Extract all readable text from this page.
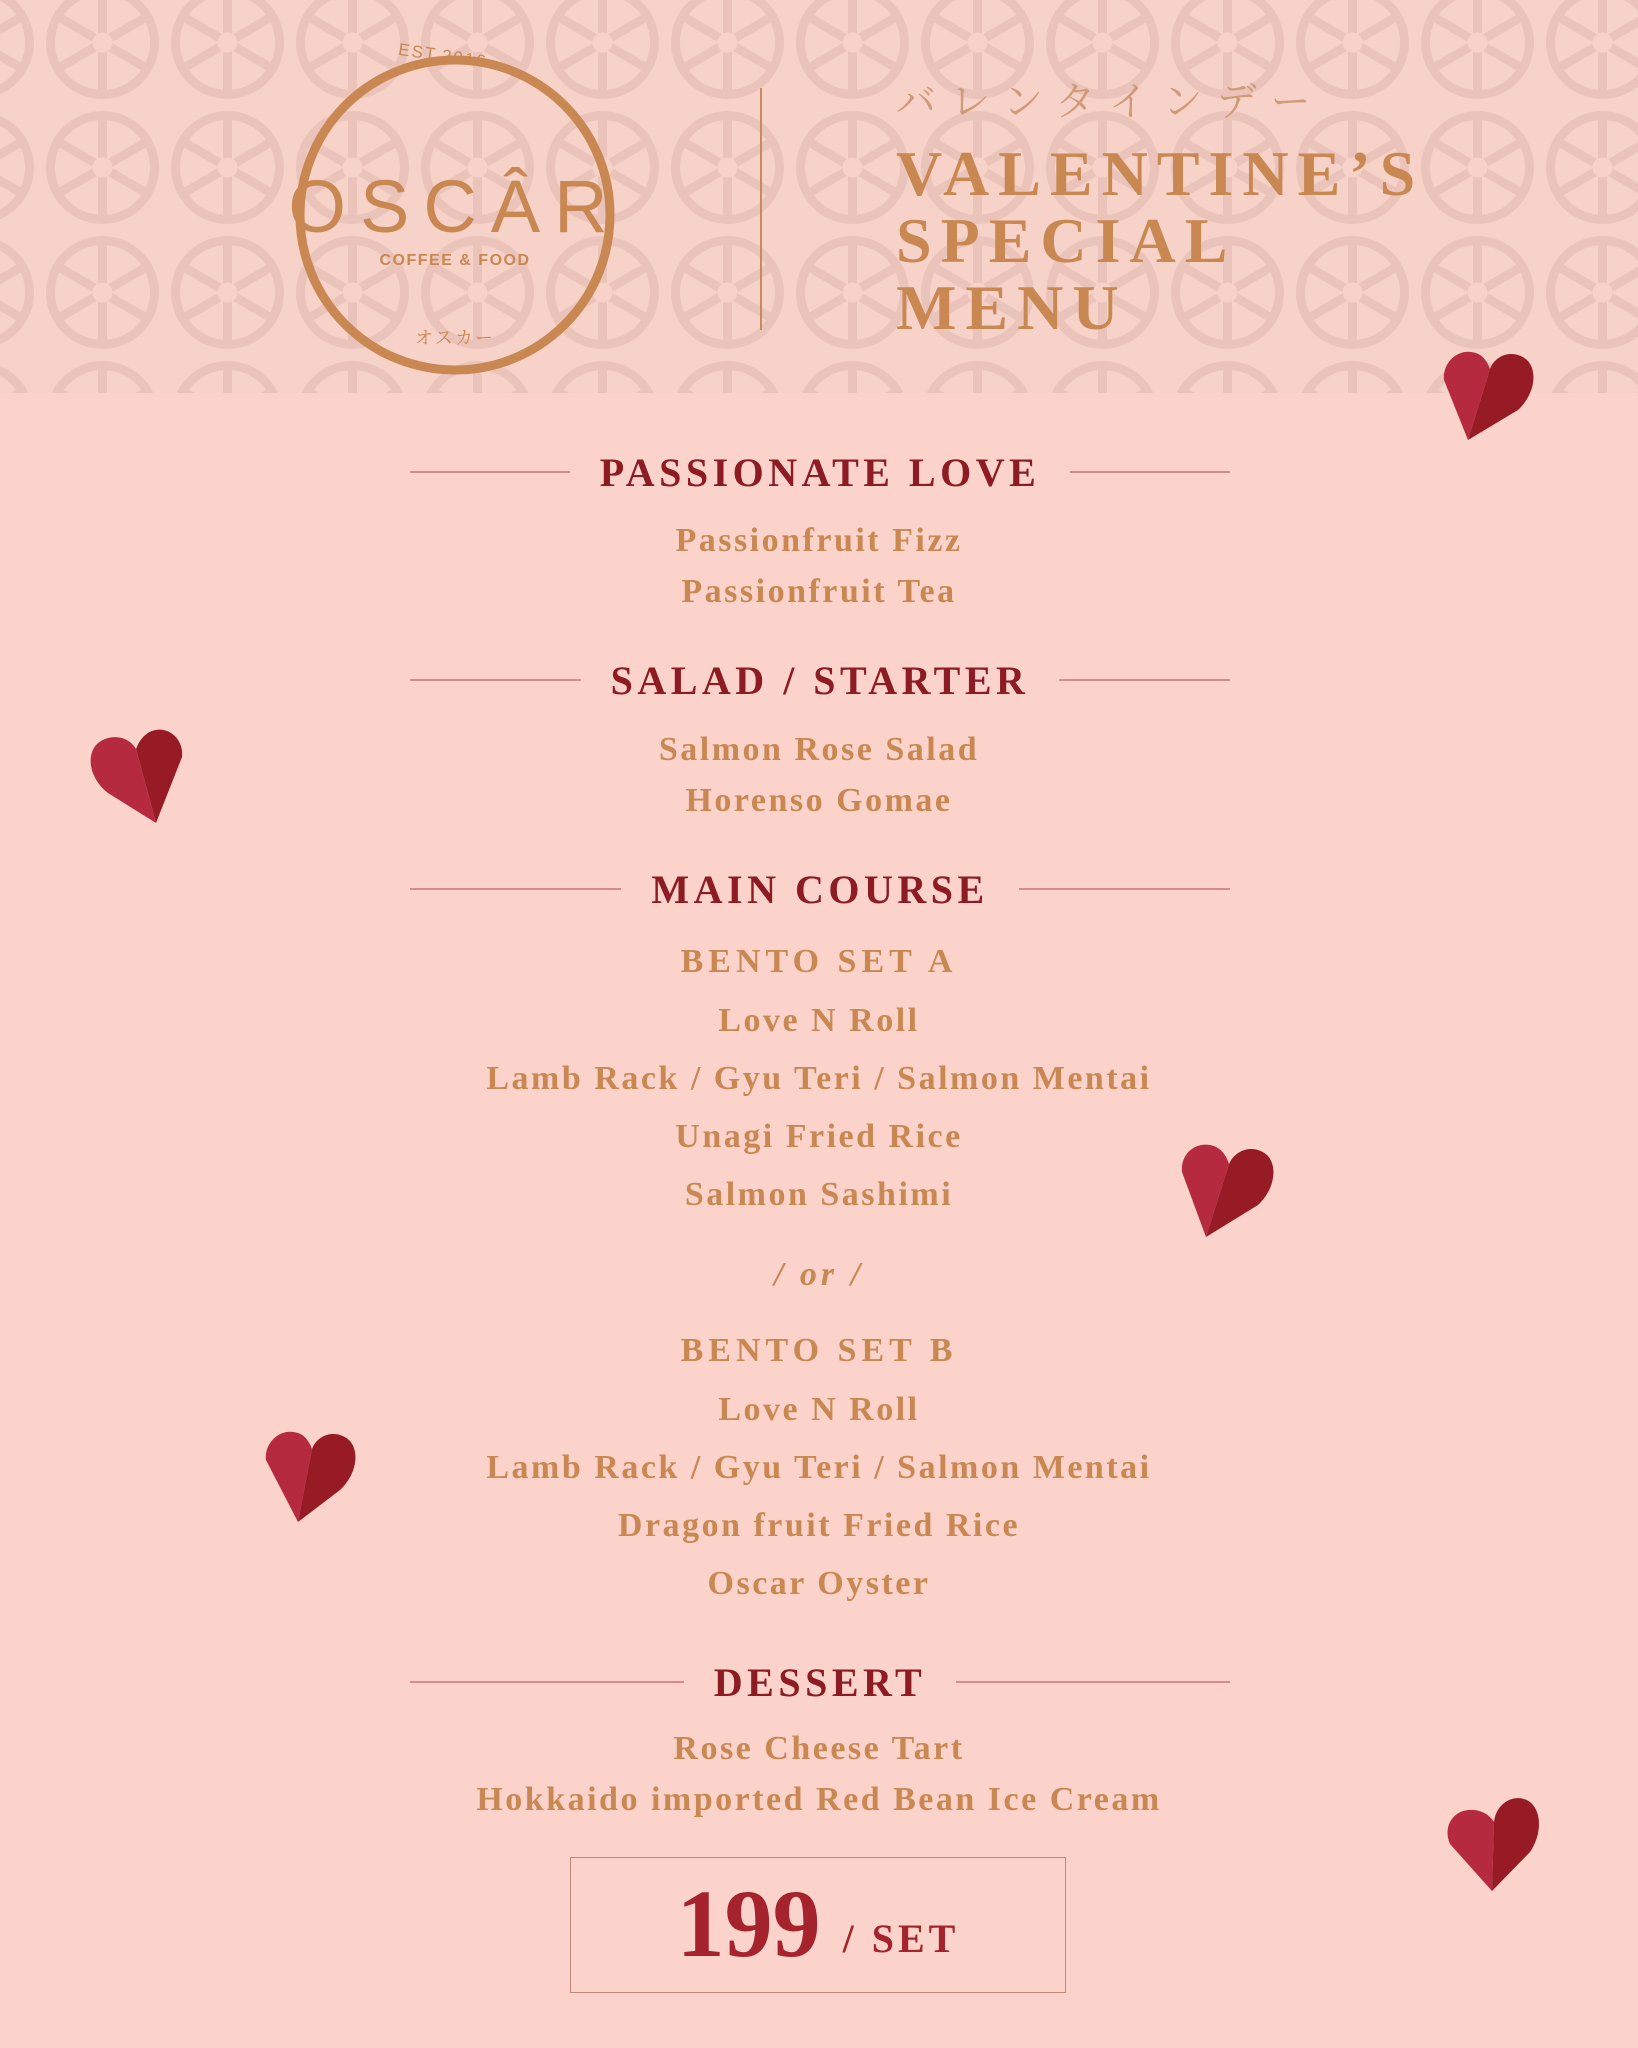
EST.2016
OSCÂR
COFFEE & FOOD
オスカー
バレンタインデー
VALENTINE’S
SPECIAL
MENU
PASSIONATE LOVE
Passionfruit Fizz
Passionfruit Tea
SALAD / STARTER
Salmon Rose Salad
Horenso Gomae
MAIN COURSE
BENTO SET A
Love N Roll
Lamb Rack / Gyu Teri / Salmon Mentai
Unagi Fried Rice
Salmon Sashimi
/ or /
BENTO SET B
Love N Roll
Lamb Rack / Gyu Teri / Salmon Mentai
Dragon fruit Fried Rice
Oscar Oyster
DESSERT
Rose Cheese Tart
Hokkaido imported Red Bean Ice Cream
199 / SET
